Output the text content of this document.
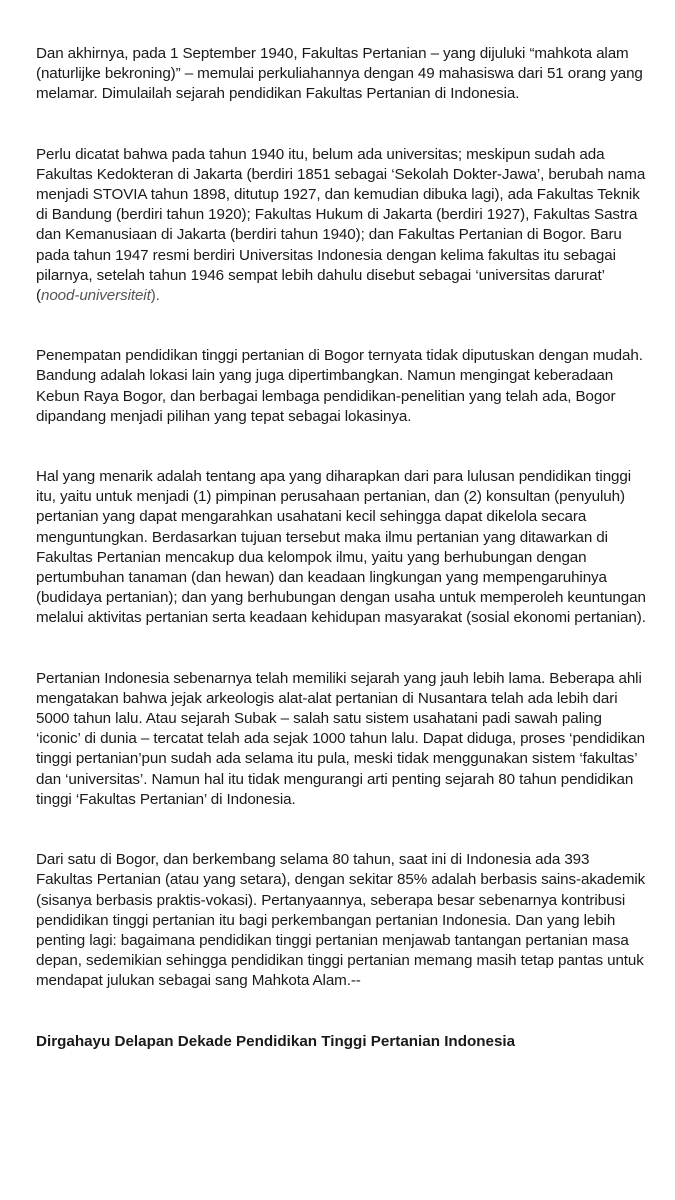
Dan akhirnya, pada 1 September 1940, Fakultas Pertanian – yang dijuluki “mahkota alam (naturlijke bekroning)” – memulai perkuliahannya dengan 49 mahasiswa dari 51 orang yang melamar. Dimulailah sejarah pendidikan Fakultas Pertanian di Indonesia.

Perlu dicatat bahwa pada tahun 1940 itu, belum ada universitas; meskipun sudah ada Fakultas Kedokteran di Jakarta (berdiri 1851 sebagai ‘Sekolah Dokter-Jawa’, berubah nama menjadi STOVIA tahun 1898, ditutup 1927, dan kemudian dibuka lagi), ada Fakultas Teknik di Bandung (berdiri tahun 1920); Fakultas Hukum di Jakarta (berdiri 1927), Fakultas Sastra dan Kemanusiaan di Jakarta (berdiri tahun 1940); dan Fakultas Pertanian di Bogor. Baru pada tahun 1947 resmi berdiri Universitas Indonesia dengan kelima fakultas itu sebagai pilarnya, setelah tahun 1946 sempat lebih dahulu disebut sebagai ‘universitas darurat’ (nood-universiteit).

Penempatan pendidikan tinggi pertanian di Bogor ternyata tidak diputuskan dengan mudah. Bandung adalah lokasi lain yang juga dipertimbangkan. Namun mengingat keberadaan Kebun Raya Bogor, dan berbagai lembaga pendidikan-penelitian yang telah ada, Bogor dipandang menjadi pilihan yang tepat sebagai lokasinya.

Hal yang menarik adalah tentang apa yang diharapkan dari para lulusan pendidikan tinggi itu, yaitu untuk menjadi (1) pimpinan perusahaan pertanian, dan (2) konsultan (penyuluh) pertanian yang dapat mengarahkan usahatani kecil sehingga dapat dikelola secara menguntungkan. Berdasarkan tujuan tersebut maka ilmu pertanian yang ditawarkan di Fakultas Pertanian mencakup dua kelompok ilmu, yaitu yang berhubungan dengan pertumbuhan tanaman (dan hewan) dan keadaan lingkungan yang mempengaruhinya (budidaya pertanian); dan yang berhubungan dengan usaha untuk memperoleh keuntungan melalui aktivitas pertanian serta keadaan kehidupan masyarakat (sosial ekonomi pertanian).

Pertanian Indonesia sebenarnya telah memiliki sejarah yang jauh lebih lama. Beberapa ahli mengatakan bahwa jejak arkeologis alat-alat pertanian di Nusantara telah ada lebih dari 5000 tahun lalu. Atau sejarah Subak – salah satu sistem usahatani padi sawah paling ‘iconic’ di dunia – tercatat telah ada sejak 1000 tahun lalu. Dapat diduga, proses ‘pendidikan tinggi pertanian’pun sudah ada selama itu pula, meski tidak menggunakan sistem ‘fakultas’ dan ‘universitas’. Namun hal itu tidak mengurangi arti penting sejarah 80 tahun pendidikan tinggi ‘Fakultas Pertanian’ di Indonesia.

Dari satu di Bogor, dan berkembang selama 80 tahun, saat ini di Indonesia ada 393 Fakultas Pertanian (atau yang setara), dengan sekitar 85% adalah berbasis sains-akademik (sisanya berbasis praktis-vokasi). Pertanyaannya, seberapa besar sebenarnya kontribusi pendidikan tinggi pertanian itu bagi perkembangan pertanian Indonesia. Dan yang lebih penting lagi: bagaimana pendidikan tinggi pertanian menjawab tantangan pertanian masa depan, sedemikian sehingga pendidikan tinggi pertanian memang masih tetap pantas untuk mendapat julukan sebagai sang Mahkota Alam.--

Dirgahayu Delapan Dekade Pendidikan Tinggi Pertanian Indonesia
